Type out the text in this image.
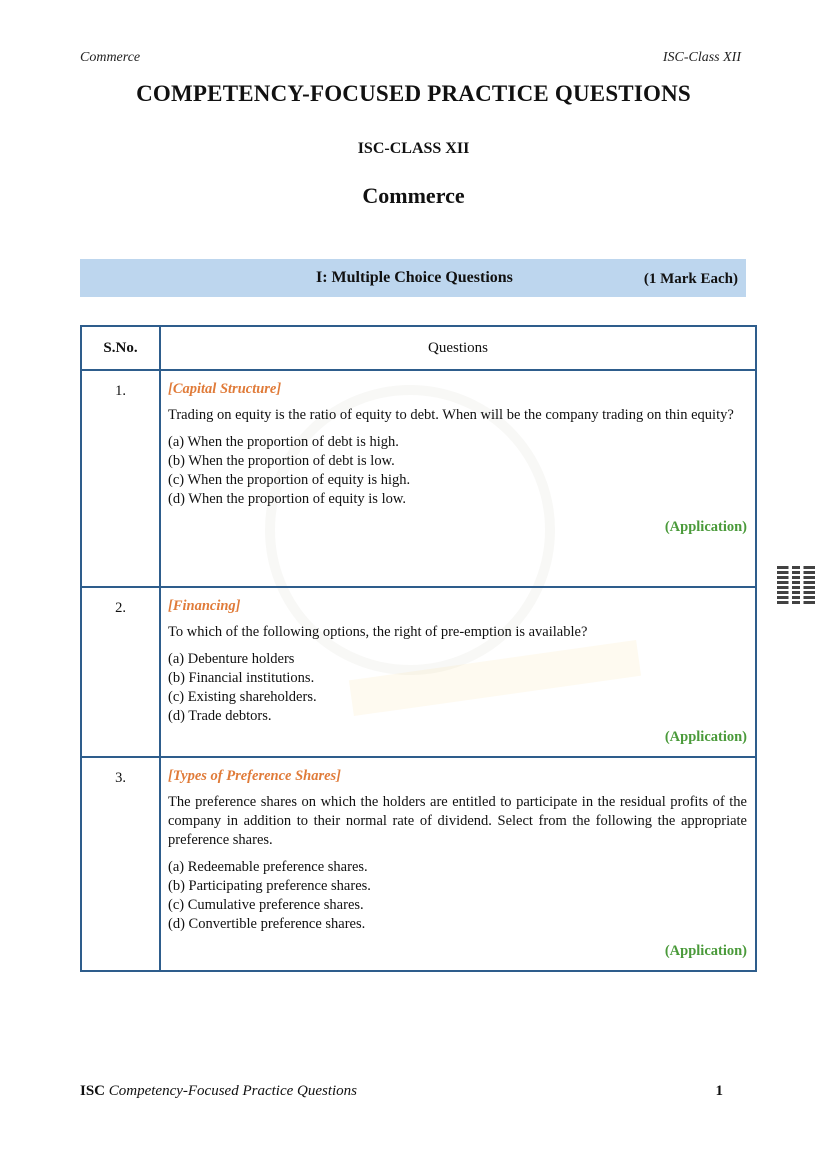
Commerce	ISC-Class XII
COMPETENCY-FOCUSED PRACTICE QUESTIONS
ISC-CLASS XII
Commerce
I: Multiple Choice Questions	(1 Mark Each)
S.No.	Questions
1.	[Capital Structure]
Trading on equity is the ratio of equity to debt. When will be the company trading on thin equity?
(a) When the proportion of debt is high.
(b) When the proportion of debt is low.
(c) When the proportion of equity is high.
(d) When the proportion of equity is low.
(Application)

2.	[Financing]
To which of the following options, the right of pre-emption is available?
(a) Debenture holders
(b) Financial institutions.
(c) Existing shareholders.
(d) Trade debtors.
(Application)

3.	[Types of Preference Shares]
The preference shares on which the holders are entitled to participate in the residual profits of the company in addition to their normal rate of dividend. Select from the following the appropriate preference shares.
(a) Redeemable preference shares.
(b) Participating preference shares.
(c) Cumulative preference shares.
(d) Convertible preference shares.
(Application)
ISC Competency-Focused Practice Questions	1
